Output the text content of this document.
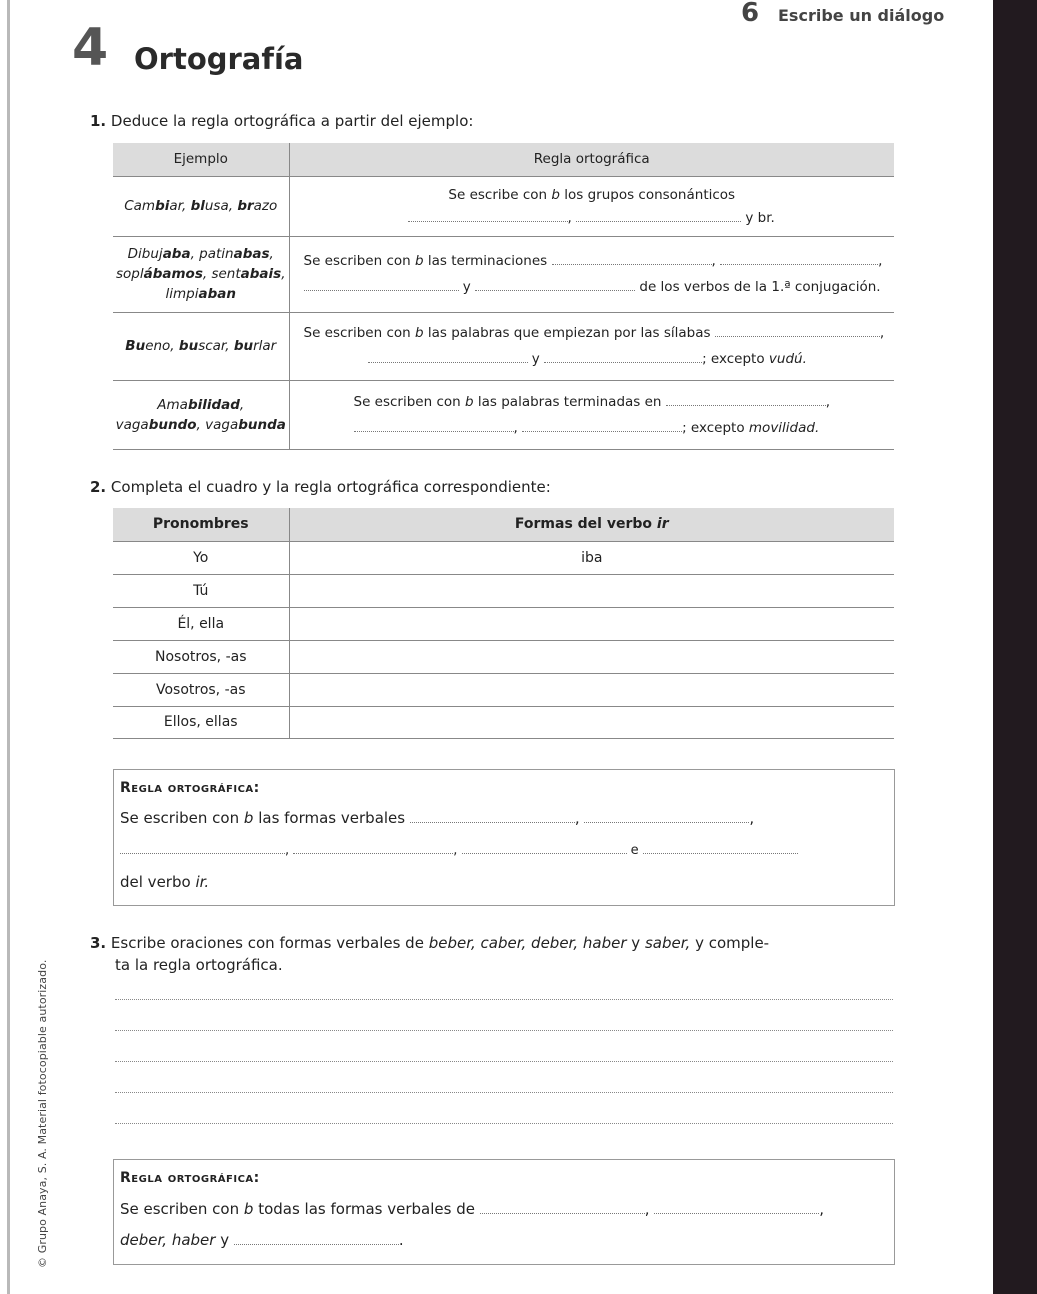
© Grupo Anaya, S. A. Material fotocopiable autorizado.
6 Escribe un diálogo
4 Ortografía
1. Deduce la regla ortográfica a partir del ejemplo:
Ejemplo	Regla ortográfica
Cambiar, blusa, brazo	Se escribe con b los grupos consonánticos
, y br.

Dibujaba, patinabas,
soplábamos, sentabais,
limpiaban	Se escriben con b las terminaciones , ,
y de los verbos de la 1.ª conjugación.

Bueno, buscar, burlar	Se escriben con b las palabras que empiezan por las sílabas ,
y ; excepto vudú.

Amabilidad,
vagabundo, vagabunda	Se escriben con b las palabras terminadas en ,
, ; excepto movilidad.
2. Completa el cuadro y la regla ortográfica correspondiente:
Pronombres	Formas del verbo ir
Yo	iba
Tú	
Él, ella	
Nosotros, -as	
Vosotros, -as	
Ellos, ellas	
Regla ortográfica:
Se escriben con b las formas verbales	,	,
,	,	e
del verbo ir.
3. Escribe oraciones con formas verbales de beber, caber, deber, haber y saber, y comple-
ta la regla ortográfica.
Regla ortográfica:
Se escriben con b todas las formas verbales de	,	,
deber, haber y	.
